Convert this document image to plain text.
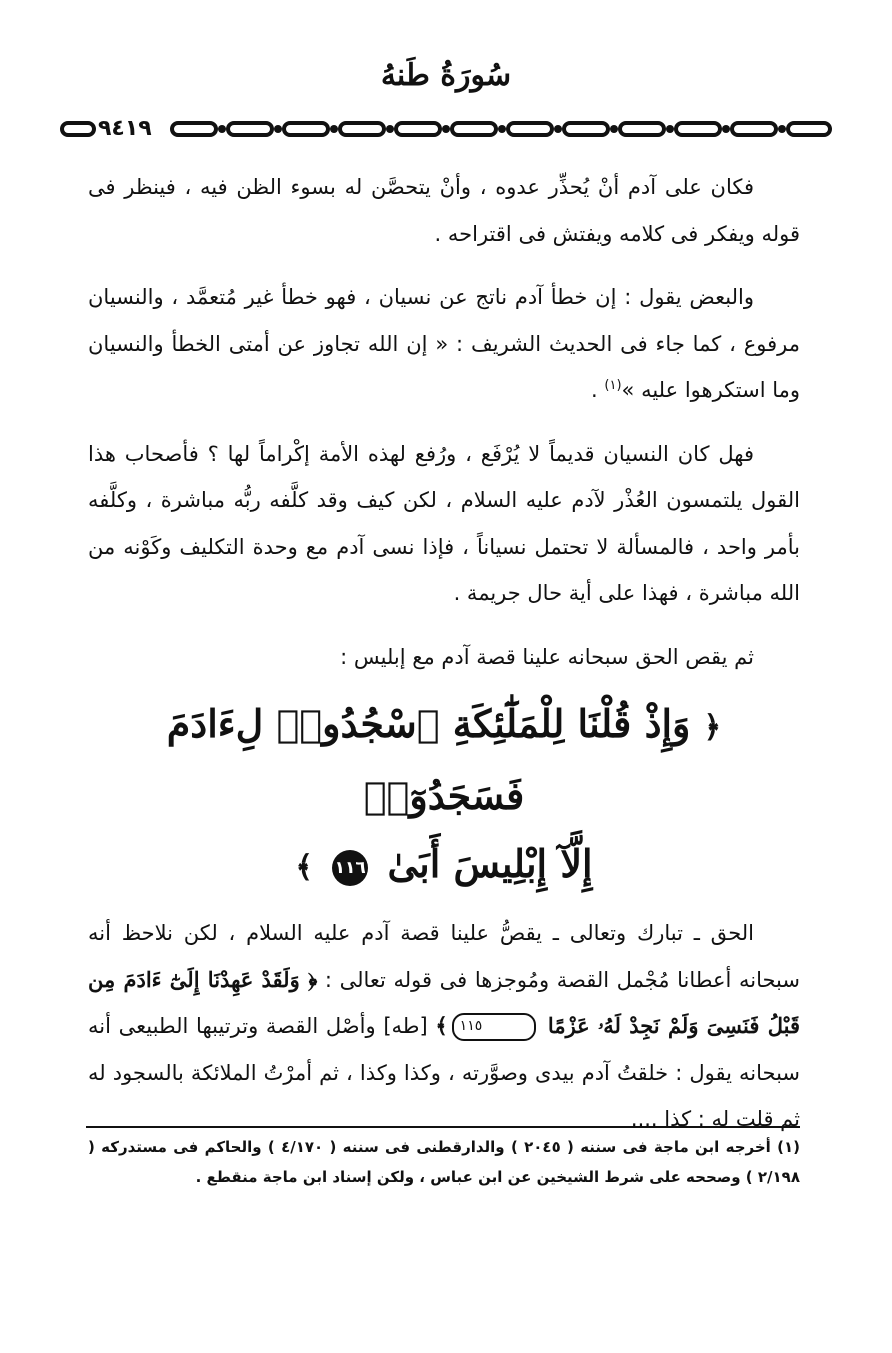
سُورَةُ طَنهُ
٩٤١٩

فكان على آدم أنْ يُحذِّر عدوه ، وأنْ يتحصَّن له بسوء الظن فيه ، فينظر فى قوله ويفكر فى كلامه ويفتش فى اقتراحه .

والبعض يقول : إن خطأ آدم ناتج عن نسيان ، فهو خطأ غير مُتعمَّد ، والنسيان مرفوع ، كما جاء فى الحديث الشريف : « إن الله تجاوز عن أمتى الخطأ والنسيان وما استكرهوا عليه »$^{(١)}$ .

فهل كان النسيان قديماً لا يُرْفَع ، ورُفع لهذه الأمة إكْراماً لها ؟ فأصحاب هذا القول يلتمسون العُذْر لآدم عليه السلام ، لكن كيف وقد كلَّفه ربُّه مباشرة ، وكلَّفه بأمر واحد ، فالمسألة لا تحتمل نسياناً ، فإذا نسى آدم مع وحدة التكليف وكَوْنه من الله مباشرة ، فهذا على أية حال جريمة .

ثم يقص الحق سبحانه علينا قصة آدم مع إبليس :

﴿ وَإِذْ قُلْنَا لِلْمَلَٰٓئِكَةِ ٱسْجُدُوا۟ لِءَادَمَ فَسَجَدُوٓا۟
إِلَّآ إِبْلِيسَ أَبَىٰ ١١٦ ﴾

الحق ـ تبارك وتعالى ـ يقصُّ علينا قصة آدم عليه السلام ، لكن نلاحظ أنه سبحانه أعطانا مُجْمل القصة ومُوجزها فى قوله تعالى : ﴿ وَلَقَدْ عَهِدْنَا إِلَىٰٓ ءَادَمَ مِن قَبْلُ فَنَسِىَ وَلَمْ نَجِدْ لَهُۥ عَزْمًا ١١٥﴾ [طه] وأصْل القصة وترتيبها الطبيعى أنه سبحانه يقول : خلقتُ آدم بيدى وصوَّرته ، وكذا وكذا ، ثم أمرْتُ الملائكة بالسجود له ثم قلت له : كذا ....

(١) أخرجه ابن ماجة فى سننه ( ٢٠٤٥ ) والدارقطنى فى سننه ( ٤/١٧٠ ) والحاكم فى مستدركه ( ٢/١٩٨ ) وصححه على شرط الشيخين عن ابن عباس ، ولكن إسناد ابن ماجة منقطع .
